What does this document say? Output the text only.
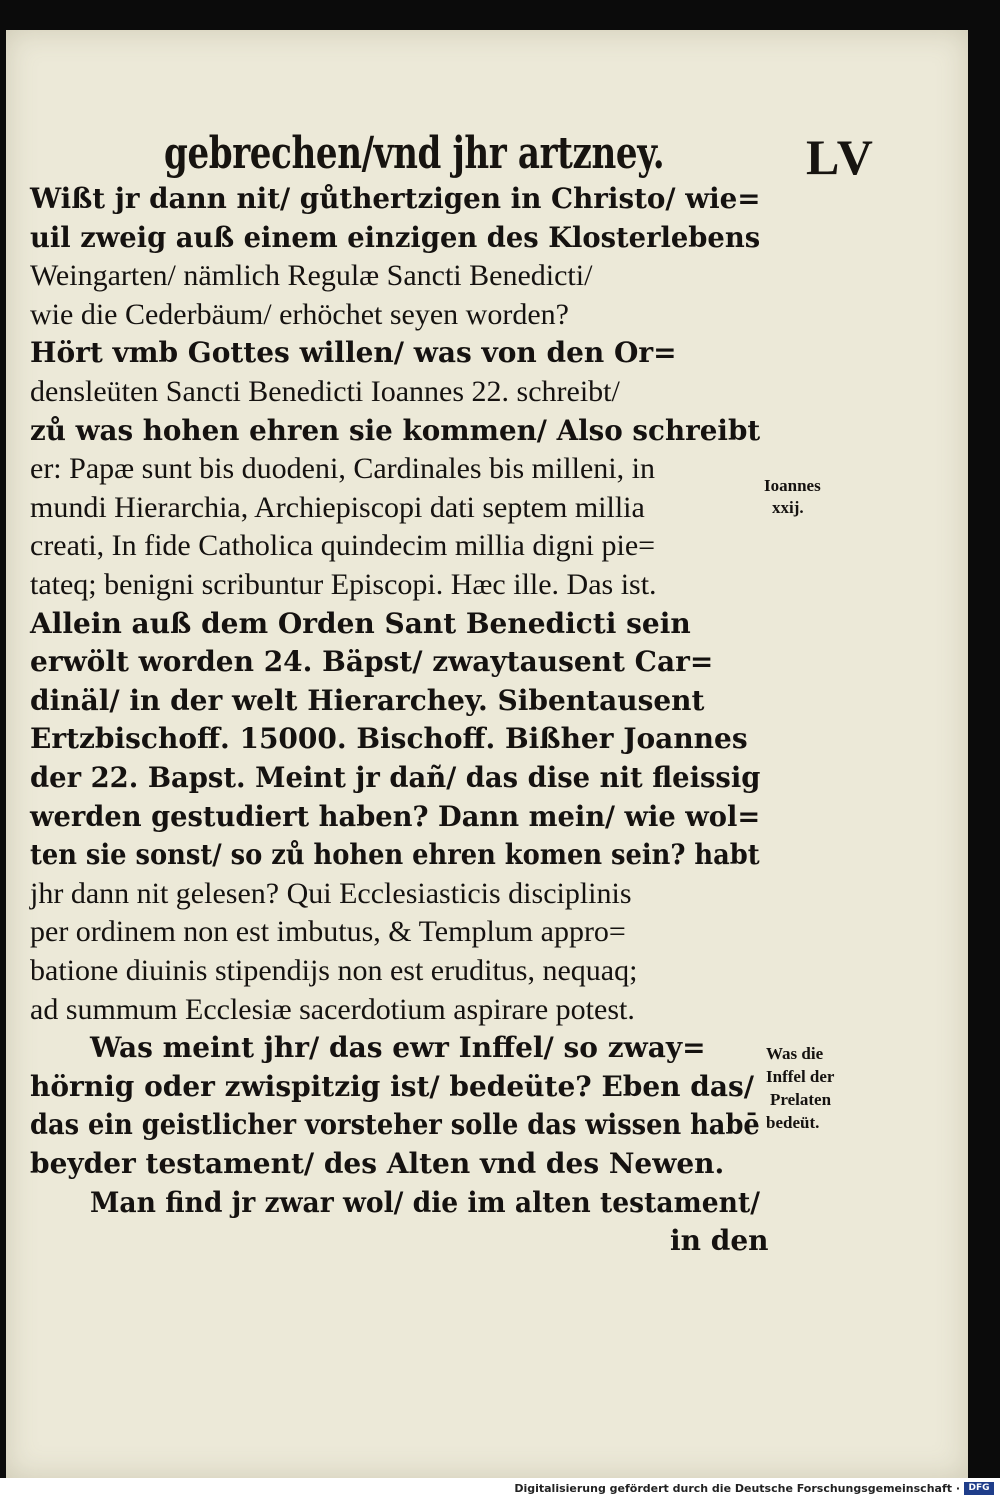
gebrechen/vnd jhr artzney.	LV
Wißt jr dann nit/ gůthertzigen in Christo/ wie=
uil zweig auß einem einzigen des Klosterlebens
Weingarten/ nämlich Regulæ Sancti Benedicti/
wie die Cederbäum/ erhöchet seyen worden?
Hört vmb Gottes willen/ was von den Or=
densleüten Sancti Benedicti Ioannes 22. schreibt/
zů was hohen ehren sie kommen/ Also schreibt
er: Papæ sunt bis duodeni, Cardinales bis milleni, in
mundi Hierarchia, Archiepiscopi dati septem millia
creati, In fide Catholica quindecim millia digni pie=
tateq; benigni scribuntur Episcopi. Hæc ille. Das ist.
Allein auß dem Orden Sant Benedicti sein
erwölt worden 24. Bäpst/ zwaytausent Car=
dinäl/ in der welt Hierarchey. Sibentausent
Ertzbischoff. 15000. Bischoff. Bißher Joannes
der 22. Bapst. Meint jr dañ/ das dise nit fleissig
werden gestudiert haben? Dann mein/ wie wol=
ten sie sonst/ so zů hohen ehren komen sein? habt
jhr dann nit gelesen? Qui Ecclesiasticis disciplinis
per ordinem non est imbutus, & Templum appro=
batione diuinis stipendijs non est eruditus, nequaq;
ad summum Ecclesiæ sacerdotium aspirare potest.
Was meint jhr/ das ewr Inffel/ so zway=
hörnig oder zwispitzig ist/ bedeüte? Eben das/
das ein geistlicher vorsteher solle das wissen habē
beyder testament/ des Alten vnd des Newen.
Man find jr zwar wol/ die im alten testament/
in den
Ioannes
xxij.
Was die
Inffel der
Prelaten
bedeüt.
Digitalisierung gefördert durch die Deutsche Forschungsgemeinschaft · DFG
